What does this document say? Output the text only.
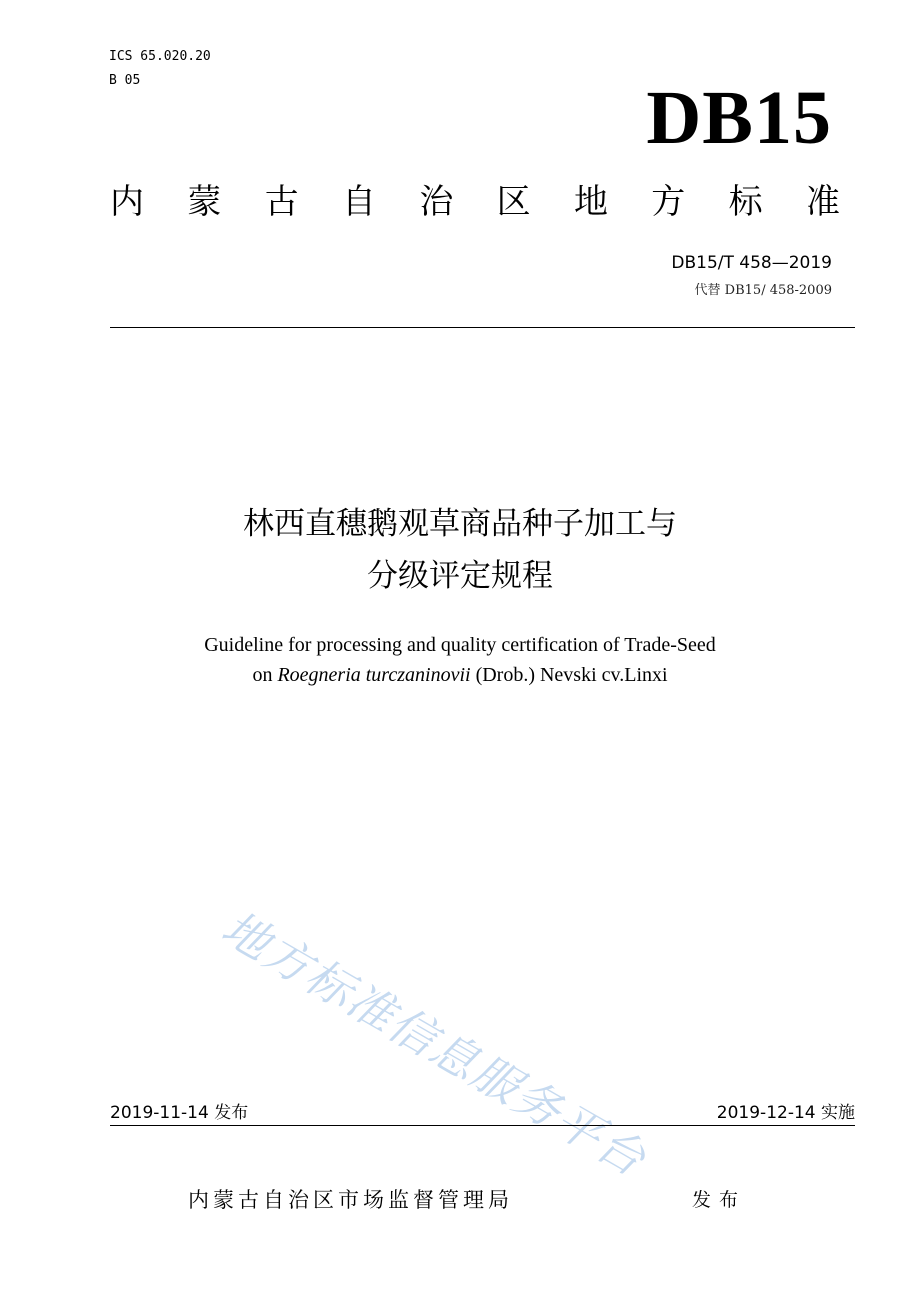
ICS 65.020.20
B 05	DB15
内 蒙 古 自 治 区 地 方 标 准
DB15/T 458—2019
代替 DB15/ 458-2009
林西直穗鹅观草商品种子加工与
分级评定规程
Guideline for processing and quality certification of Trade-Seed
on Roegneria turczaninovii (Drob.) Nevski cv.Linxi
地方标准信息服务平台
2019-11-14 发布	2019-12-14 实施
内蒙古自治区市场监督管理局	发布
